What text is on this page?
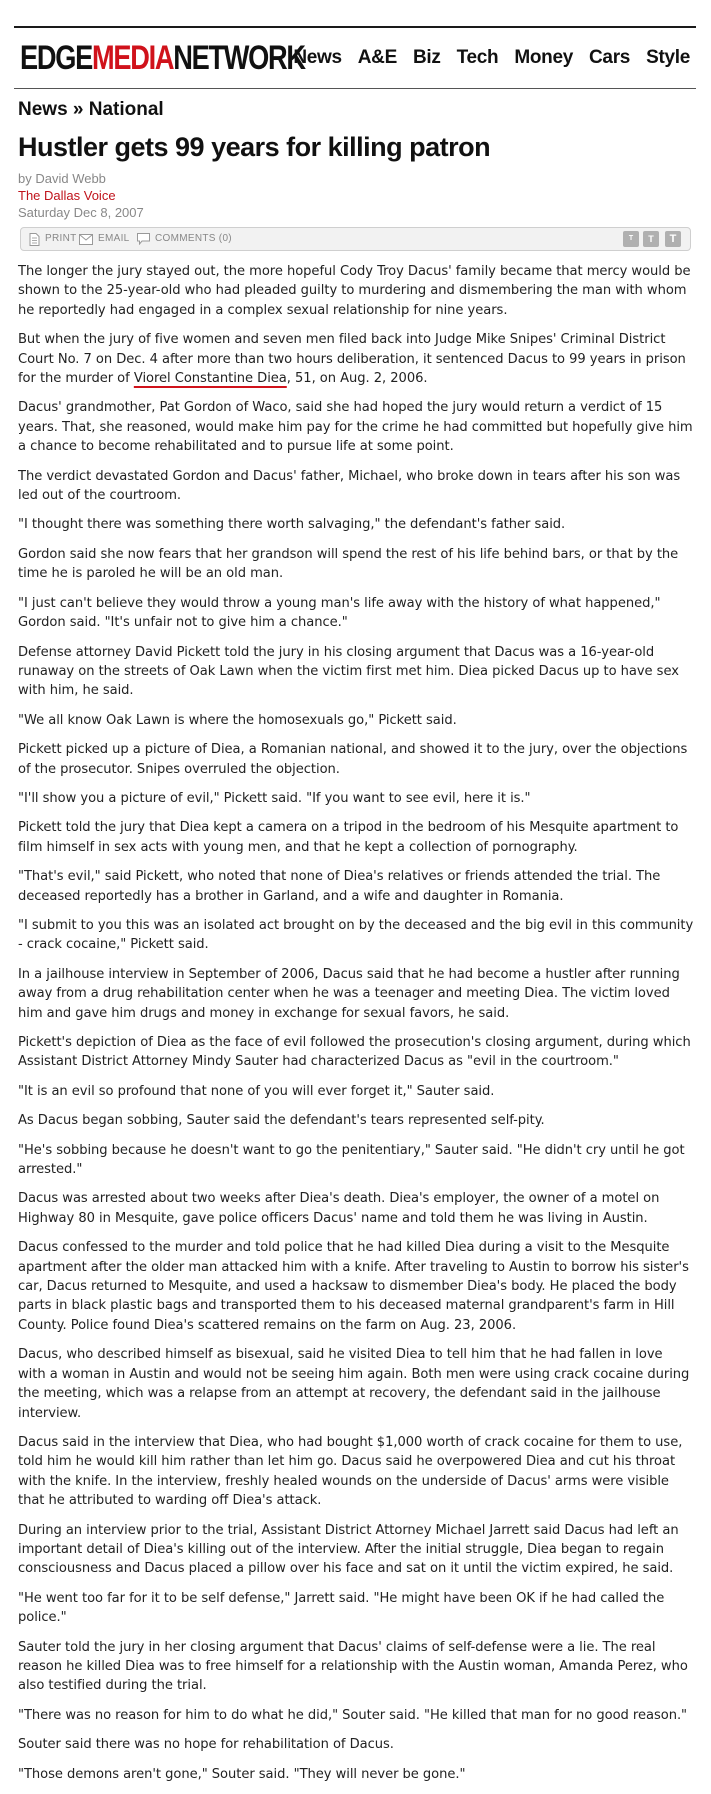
EDGEMEDIANETWORK
News A&E Biz Tech Money Cars Style
News » National
Hustler gets 99 years for killing patron
by David Webb
The Dallas Voice
Saturday Dec 8, 2007
PRINT EMAIL	COMMENTS (0)	T	T	T

The longer the jury stayed out, the more hopeful Cody Troy Dacus' family became that mercy would be shown to the 25-year-old who had pleaded guilty to murdering and dismembering the man with whom he reportedly had engaged in a complex sexual relationship for nine years.

But when the jury of five women and seven men filed back into Judge Mike Snipes' Criminal District Court No. 7 on Dec. 4 after more than two hours deliberation, it sentenced Dacus to 99 years in prison for the murder of Viorel Constantine Diea, 51, on Aug. 2, 2006.

Dacus' grandmother, Pat Gordon of Waco, said she had hoped the jury would return a verdict of 15 years. That, she reasoned, would make him pay for the crime he had committed but hopefully give him a chance to become rehabilitated and to pursue life at some point.

The verdict devastated Gordon and Dacus' father, Michael, who broke down in tears after his son was led out of the courtroom.

"I thought there was something there worth salvaging," the defendant's father said.

Gordon said she now fears that her grandson will spend the rest of his life behind bars, or that by the time he is paroled he will be an old man.

"I just can't believe they would throw a young man's life away with the history of what happened," Gordon said. "It's unfair not to give him a chance."

Defense attorney David Pickett told the jury in his closing argument that Dacus was a 16-year-old runaway on the streets of Oak Lawn when the victim first met him. Diea picked Dacus up to have sex with him, he said.

"We all know Oak Lawn is where the homosexuals go," Pickett said.

Pickett picked up a picture of Diea, a Romanian national, and showed it to the jury, over the objections of the prosecutor. Snipes overruled the objection.

"I'll show you a picture of evil," Pickett said. "If you want to see evil, here it is."

Pickett told the jury that Diea kept a camera on a tripod in the bedroom of his Mesquite apartment to film himself in sex acts with young men, and that he kept a collection of pornography.

"That's evil," said Pickett, who noted that none of Diea's relatives or friends attended the trial. The deceased reportedly has a brother in Garland, and a wife and daughter in Romania.

"I submit to you this was an isolated act brought on by the deceased and the big evil in this community - crack cocaine," Pickett said.

In a jailhouse interview in September of 2006, Dacus said that he had become a hustler after running away from a drug rehabilitation center when he was a teenager and meeting Diea. The victim loved him and gave him drugs and money in exchange for sexual favors, he said.

Pickett's depiction of Diea as the face of evil followed the prosecution's closing argument, during which Assistant District Attorney Mindy Sauter had characterized Dacus as "evil in the courtroom."

"It is an evil so profound that none of you will ever forget it," Sauter said.

As Dacus began sobbing, Sauter said the defendant's tears represented self-pity.

"He's sobbing because he doesn't want to go the penitentiary," Sauter said. "He didn't cry until he got arrested."

Dacus was arrested about two weeks after Diea's death. Diea's employer, the owner of a motel on Highway 80 in Mesquite, gave police officers Dacus' name and told them he was living in Austin.

Dacus confessed to the murder and told police that he had killed Diea during a visit to the Mesquite apartment after the older man attacked him with a knife. After traveling to Austin to borrow his sister's car, Dacus returned to Mesquite, and used a hacksaw to dismember Diea's body. He placed the body parts in black plastic bags and transported them to his deceased maternal grandparent's farm in Hill County. Police found Diea's scattered remains on the farm on Aug. 23, 2006.

Dacus, who described himself as bisexual, said he visited Diea to tell him that he had fallen in love with a woman in Austin and would not be seeing him again. Both men were using crack cocaine during the meeting, which was a relapse from an attempt at recovery, the defendant said in the jailhouse interview.

Dacus said in the interview that Diea, who had bought $1,000 worth of crack cocaine for them to use, told him he would kill him rather than let him go. Dacus said he overpowered Diea and cut his throat with the knife. In the interview, freshly healed wounds on the underside of Dacus' arms were visible that he attributed to warding off Diea's attack.

During an interview prior to the trial, Assistant District Attorney Michael Jarrett said Dacus had left an important detail of Diea's killing out of the interview. After the initial struggle, Diea began to regain consciousness and Dacus placed a pillow over his face and sat on it until the victim expired, he said.

"He went too far for it to be self defense," Jarrett said. "He might have been OK if he had called the police."

Sauter told the jury in her closing argument that Dacus' claims of self-defense were a lie. The real reason he killed Diea was to free himself for a relationship with the Austin woman, Amanda Perez, who also testified during the trial.

"There was no reason for him to do what he did," Souter said. "He killed that man for no good reason."

Souter said there was no hope for rehabilitation of Dacus.

"Those demons aren't gone," Souter said. "They will never be gone."
